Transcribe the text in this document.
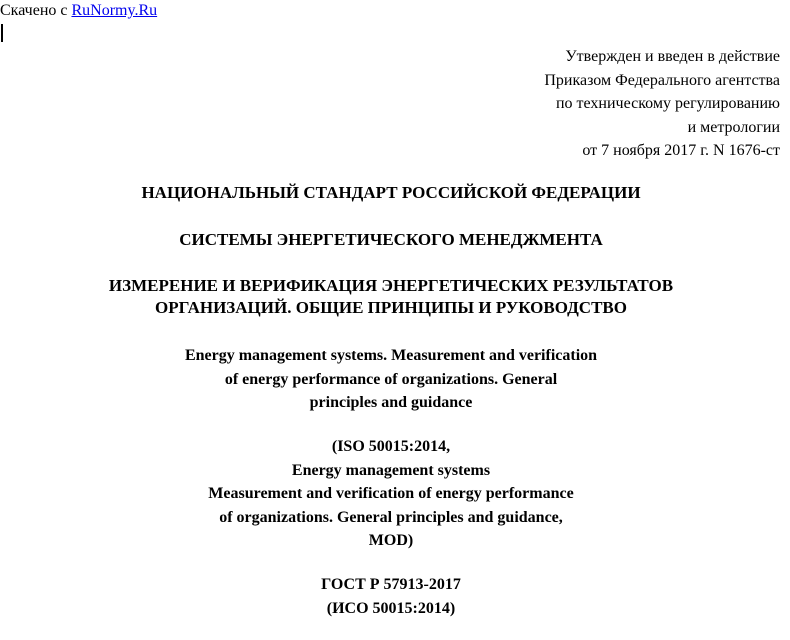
Скачено с RuNormy.Ru
Утвержден и введен в действие
Приказом Федерального агентства
по техническому регулированию
и метрологии
от 7 ноября 2017 г. N 1676-ст
НАЦИОНАЛЬНЫЙ СТАНДАРТ РОССИЙСКОЙ ФЕДЕРАЦИИ
СИСТЕМЫ ЭНЕРГЕТИЧЕСКОГО МЕНЕДЖМЕНТА
ИЗМЕРЕНИЕ И ВЕРИФИКАЦИЯ ЭНЕРГЕТИЧЕСКИХ РЕЗУЛЬТАТОВ
ОРГАНИЗАЦИЙ. ОБЩИЕ ПРИНЦИПЫ И РУКОВОДСТВО
Energy management systems. Measurement and verification
of energy performance of organizations. General
principles and guidance
(ISO 50015:2014,
Energy management systems
Measurement and verification of energy performance
of organizations. General principles and guidance,
MOD)
ГОСТ Р 57913-2017
(ИСО 50015:2014)
